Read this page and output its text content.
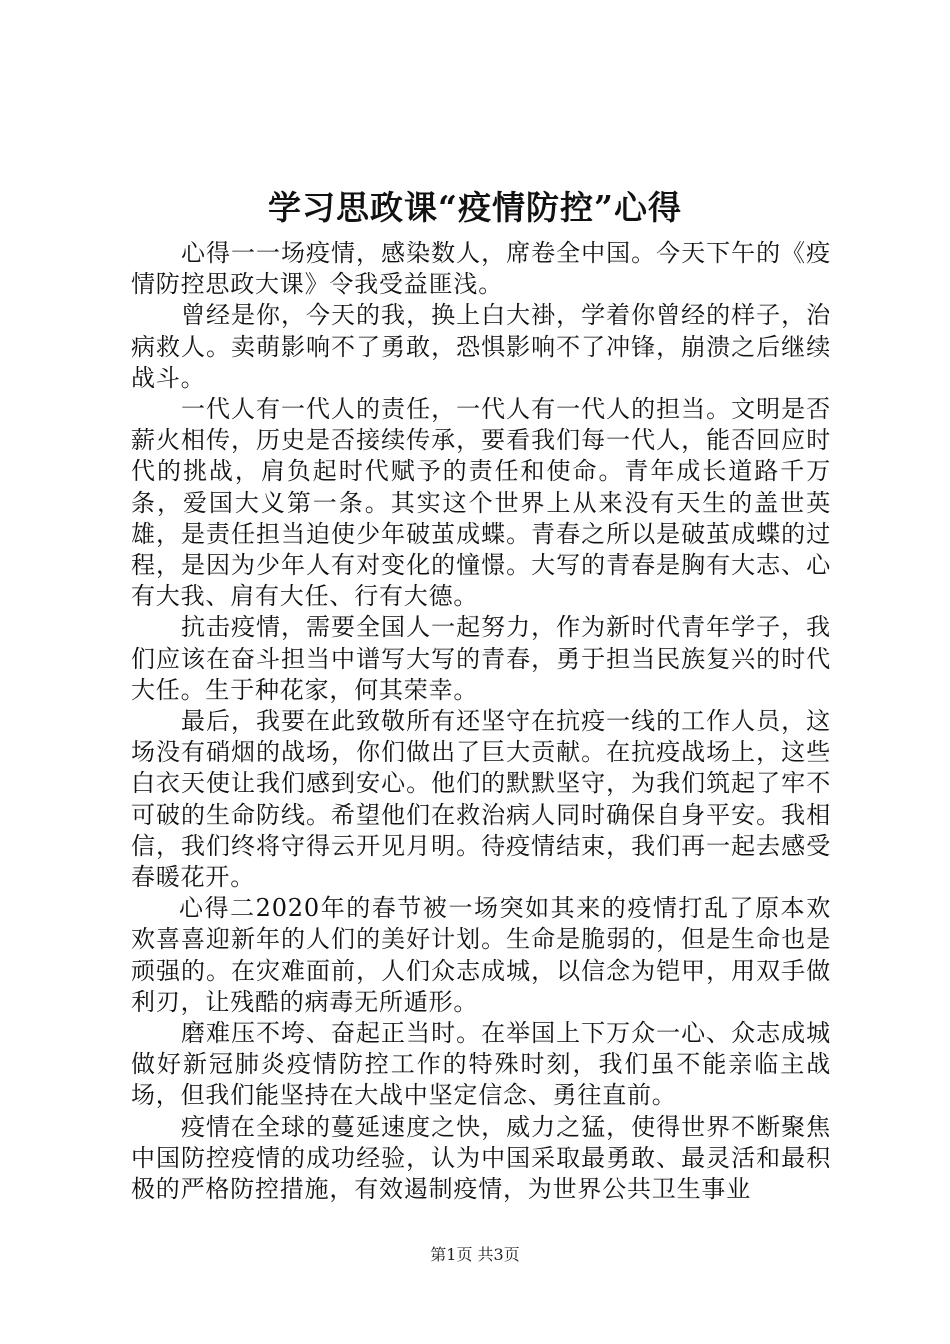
学习思政课“疫情防控”心得

心得一一场疫情，感染数人，席卷全中国。今天下午的《疫情防控思政大课》令我受益匪浅。

曾经是你，今天的我，换上白大褂，学着你曾经的样子，治病救人。卖萌影响不了勇敢，恐惧影响不了冲锋，崩溃之后继续战斗。

一代人有一代人的责任，一代人有一代人的担当。文明是否薪火相传，历史是否接续传承，要看我们每一代人，能否回应时代的挑战，肩负起时代赋予的责任和使命。青年成长道路千万条，爱国大义第一条。其实这个世界上从来没有天生的盖世英雄，是责任担当迫使少年破茧成蝶。青春之所以是破茧成蝶的过程，是因为少年人有对变化的憧憬。大写的青春是胸有大志、心有大我、肩有大任、行有大德。

抗击疫情，需要全国人一起努力，作为新时代青年学子，我们应该在奋斗担当中谱写大写的青春，勇于担当民族复兴的时代大任。生于种花家，何其荣幸。

最后，我要在此致敬所有还坚守在抗疫一线的工作人员，这场没有硝烟的战场，你们做出了巨大贡献。在抗疫战场上，这些白衣天使让我们感到安心。他们的默默坚守，为我们筑起了牢不可破的生命防线。希望他们在救治病人同时确保自身平安。我相信，我们终将守得云开见月明。待疫情结束，我们再一起去感受春暖花开。

心得二2020年的春节被一场突如其来的疫情打乱了原本欢欢喜喜迎新年的人们的美好计划。生命是脆弱的，但是生命也是顽强的。在灾难面前，人们众志成城，以信念为铠甲，用双手做利刃，让残酷的病毒无所遁形。

磨难压不垮、奋起正当时。在举国上下万众一心、众志成城做好新冠肺炎疫情防控工作的特殊时刻，我们虽不能亲临主战场，但我们能坚持在大战中坚定信念、勇往直前。

疫情在全球的蔓延速度之快，威力之猛，使得世界不断聚焦中国防控疫情的成功经验，认为中国采取最勇敢、最灵活和最积极的严格防控措施，有效遏制疫情，为世界公共卫生事业

第1页 共3页
